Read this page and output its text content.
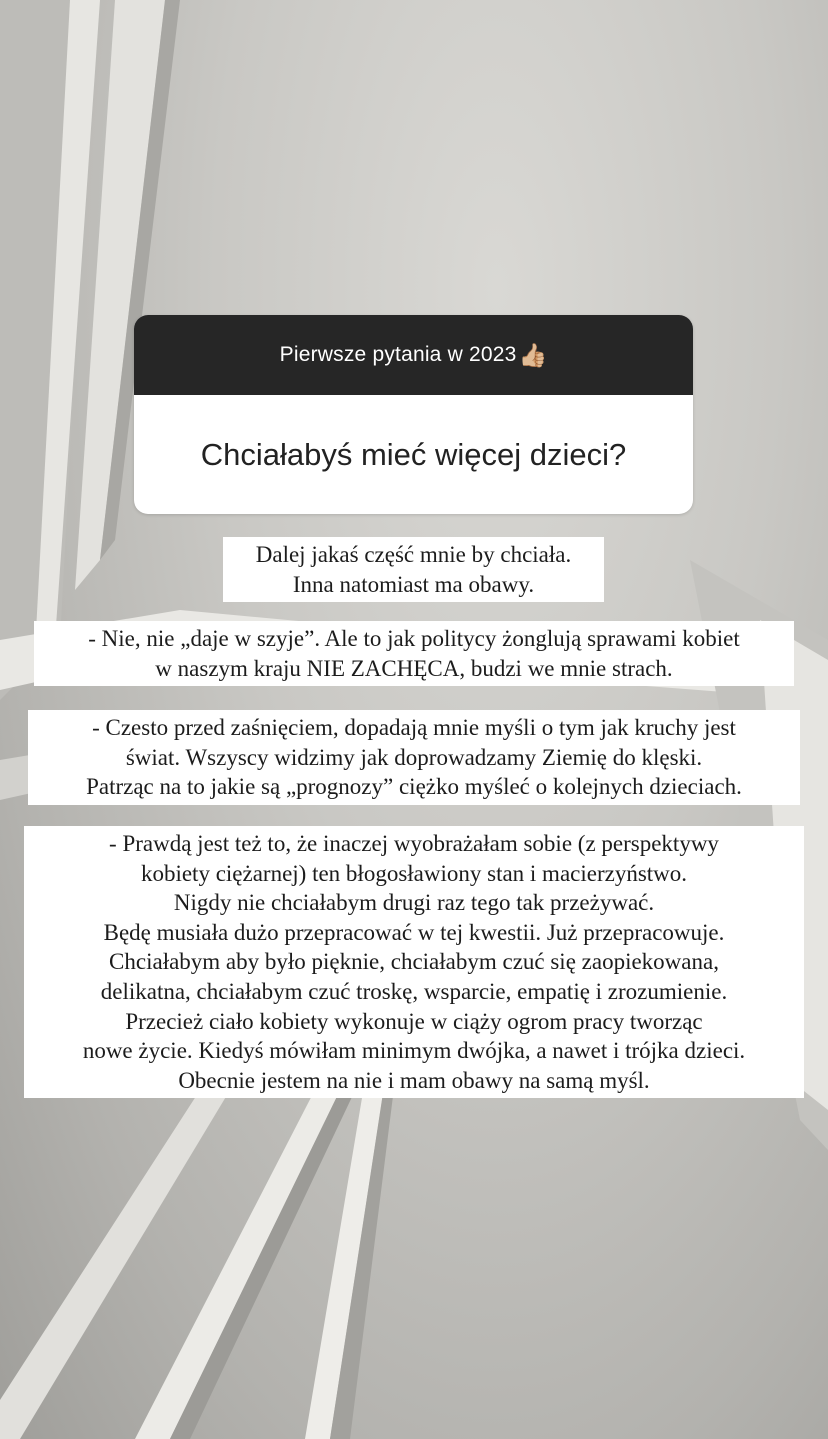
Pierwsze pytania w 2023 👍🏼
Chciałabyś mieć więcej dzieci?
Dalej jakaś część mnie by chciała.
Inna natomiast ma obawy.
- Nie, nie „daje w szyje”. Ale to jak politycy żonglują sprawami kobiet
w naszym kraju NIE ZACHĘCA, budzi we mnie strach.
- Czesto przed zaśnięciem, dopadają mnie myśli o tym jak kruchy jest
świat. Wszyscy widzimy jak doprowadzamy Ziemię do klęski.
Patrząc na to jakie są „prognozy” ciężko myśleć o kolejnych dzieciach.
- Prawdą jest też to, że inaczej wyobrażałam sobie (z perspektywy
kobiety ciężarnej) ten błogosławiony stan i macierzyństwo.
Nigdy nie chciałabym drugi raz tego tak przeżywać.
Będę musiała dużo przepracować w tej kwestii. Już przepracowuje.
Chciałabym aby było pięknie, chciałabym czuć się zaopiekowana,
delikatna, chciałabym czuć troskę, wsparcie, empatię i zrozumienie.
Przecież ciało kobiety wykonuje w ciąży ogrom pracy tworząc
nowe życie. Kiedyś mówiłam minimym dwójka, a nawet i trójka dzieci.
Obecnie jestem na nie i mam obawy na samą myśl.
